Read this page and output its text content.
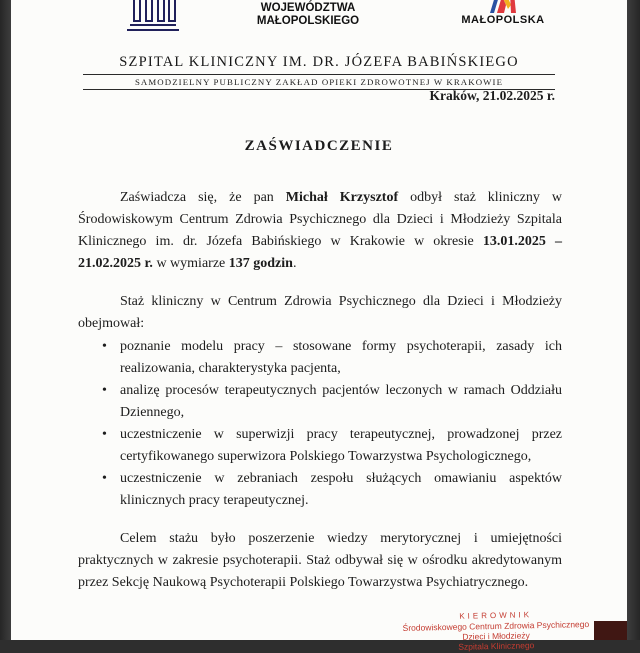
WOJEWÓDZTWA
MAŁOPOLSKIEGO	MAŁOPOLSKA
SZPITAL KLINICZNY IM. DR. JÓZEFA BABIŃSKIEGO
SAMODZIELNY PUBLICZNY ZAKŁAD OPIEKI ZDROWOTNEJ W KRAKOWIE
Kraków, 21.02.2025 r.
ZAŚWIADCZENIE

Zaświadcza się, że pan Michał Krzysztof odbył staż kliniczny w Środowiskowym Centrum Zdrowia Psychicznego dla Dzieci i Młodzieży Szpitala Klinicznego im. dr. Józefa Babińskiego w Krakowie w okresie 13.01.2025 – 21.02.2025 r. w wymiarze 137 godzin.

Staż kliniczny w Centrum Zdrowia Psychicznego dla Dzieci i Młodzieży obejmował:

• poznanie modelu pracy – stosowane formy psychoterapii, zasady ich realizowania, charakterystyka pacjenta,
• analizę procesów terapeutycznych pacjentów leczonych w ramach Oddziału Dziennego,
• uczestniczenie w superwizji pracy terapeutycznej, prowadzonej przez certyfikowanego superwizora Polskiego Towarzystwa Psychologicznego,
• uczestniczenie w zebraniach zespołu służących omawianiu aspektów klinicznych pracy terapeutycznej.

Celem stażu było poszerzenie wiedzy merytorycznej i umiejętności praktycznych w zakresie psychoterapii. Staż odbywał się w ośrodku akredytowanym przez Sekcję Naukową Psychoterapii Polskiego Towarzystwa Psychiatrycznego.

KIEROWNIK
Środowiskowego Centrum Zdrowia Psychicznego
Dzieci i Młodzieży
Szpitala Klinicznego
